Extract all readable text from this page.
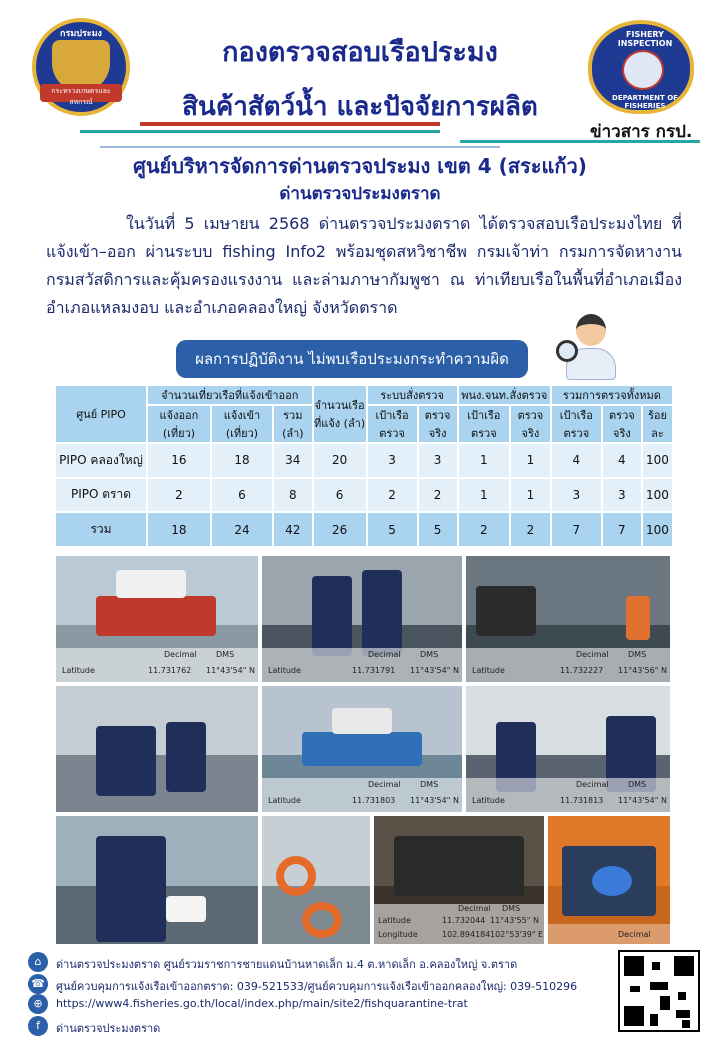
กรมประมง
กระทรวงเกษตรและสหกรณ์
กองตรวจสอบเรือประมง
สินค้าสัตว์น้ำ และปัจจัยการผลิต
FISHERY INSPECTION
DEPARTMENT OF FISHERIES
ข่าวสาร กรป.
ศูนย์บริหารจัดการด่านตรวจประมง เขต 4 (สระแก้ว)
ด่านตรวจประมงตราด
ในวันที่ 5 เมษายน 2568 ด่านตรวจประมงตราด ได้ตรวจสอบเรือประมงไทย ที่แจ้งเข้า–ออก ผ่านระบบ fishing Info2 พร้อมชุดสหวิชาชีพ กรมเจ้าท่า กรมการจัดหางาน กรมสวัสดิการและคุ้มครองแรงงาน และล่ามภาษากัมพูชา ณ ท่าเทียบเรือในพื้นที่อำเภอเมือง อำเภอแหลมงอบ และอำเภอคลองใหญ่ จังหวัดตราด
ผลการปฏิบัติงาน ไม่พบเรือประมงกระทำความผิด
ศูนย์ PIPO	จำนวนเที่ยวเรือที่แจ้งเข้าออก			จำนวนเรือที่แจ้ง (ลำ)	ระบบสั่งตรวจ		พนง.จนท.สั่งตรวจ		รวมการตรวจทั้งหมด		
	แจ้งออก (เที่ยว)	แจ้งเข้า (เที่ยว)	รวม (ลำ)		เป้าเรือตรวจ	ตรวจจริง	เป้าเรือตรวจ	ตรวจจริง	เป้าเรือตรวจ	ตรวจจริง	ร้อยละ
PIPO คลองใหญ่	16	18	34	20	3	3	1	1	4	4	100
PIPO ตราด	2	6	8	6	2	2	1	1	3	3	100
รวม	18	24	42	26	5	5	2	2	7	7	100
Decimal DMS
Latitude	11.731762 11°43'54" N
Decimal DMS
Latitude	11.731791 11°43'54" N
Decimal DMS
Latitude	11.732227 11°43'56" N
Decimal DMS
Latitude	11.731803 11°43'54" N
Decimal DMS
Latitude	11.731813 11°43'54" N
Decimal DMS
Latitude	11.732044 11°43'55" N
Longitude	102.894184 102°53'39" E	Decimal
⌂	ด่านตรวจประมงตราด ศูนย์รวมราชการชายแดนบ้านหาดเล็ก ม.4 ต.หาดเล็ก อ.คลองใหญ่ จ.ตราด
☎ ศูนย์ควบคุมการแจ้งเรือเข้าออกตราด: 039-521533/ศูนย์ควบคุมการแจ้งเรือเข้าออกคลองใหญ่: 039-510296
⊕	https://www4.fisheries.go.th/local/index.php/main/site2/fishquarantine-trat
f	ด่านตรวจประมงตราด
